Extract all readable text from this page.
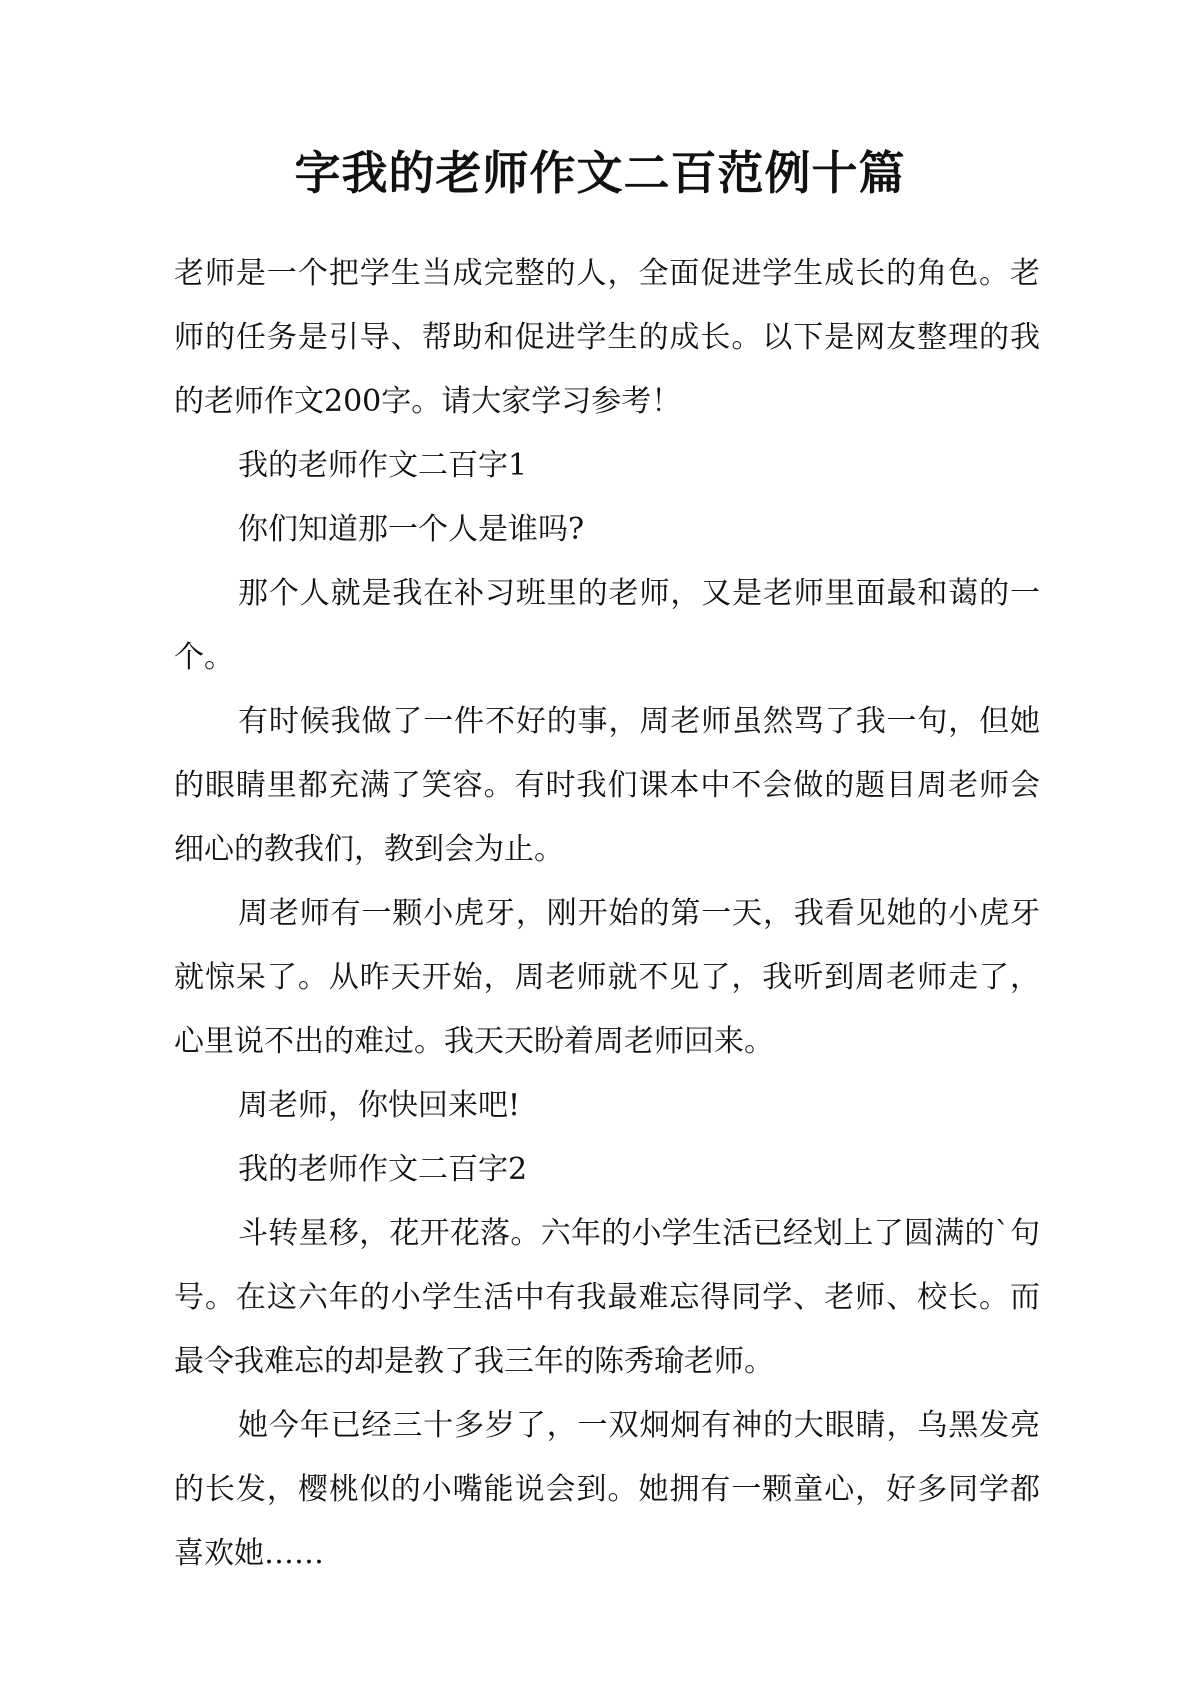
字我的老师作文二百范例十篇

老师是一个把学生当成完整的人，全面促进学生成长的角色。老师的任务是引导、帮助和促进学生的成长。以下是网友整理的我的老师作文200字。请大家学习参考！

我的老师作文二百字1

你们知道那一个人是谁吗?

那个人就是我在补习班里的老师，又是老师里面最和蔼的一个。

有时候我做了一件不好的事，周老师虽然骂了我一句，但她的眼睛里都充满了笑容。有时我们课本中不会做的题目周老师会细心的教我们，教到会为止。

周老师有一颗小虎牙，刚开始的第一天，我看见她的小虎牙就惊呆了。从昨天开始，周老师就不见了，我听到周老师走了，心里说不出的难过。我天天盼着周老师回来。

周老师，你快回来吧!

我的老师作文二百字2

斗转星移，花开花落。六年的小学生活已经划上了圆满的`句号。在这六年的小学生活中有我最难忘得同学、老师、校长。而最令我难忘的却是教了我三年的陈秀瑜老师。

她今年已经三十多岁了，一双炯炯有神的大眼睛，乌黑发亮的长发，樱桃似的小嘴能说会到。她拥有一颗童心，好多同学都喜欢她……
